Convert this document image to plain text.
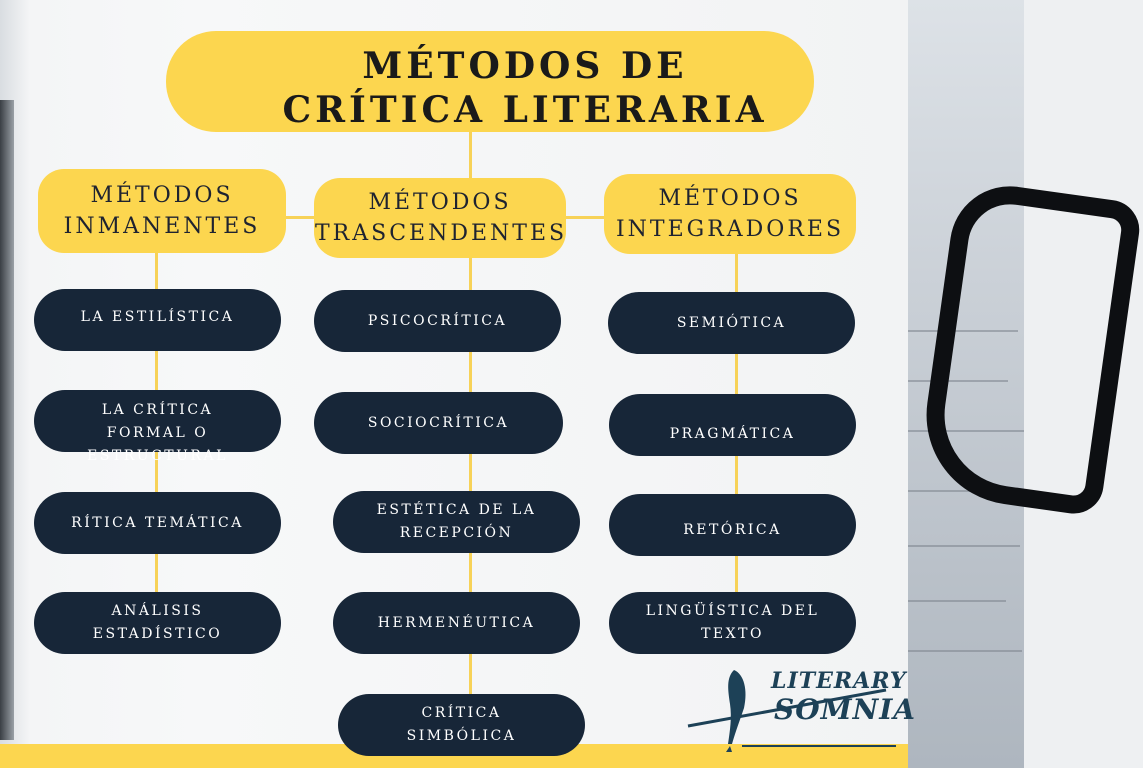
MÉTODOS DE CRÍTICA LITERARIA
MÉTODOS INMANENTES
MÉTODOS TRASCENDENTES
MÉTODOS INTEGRADORES
LA ESTILÍSTICA
LA CRÍTICA FORMAL O ESTRUCTURAL
RÍTICA TEMÁTICA
ANÁLISIS ESTADÍSTICO
PSICOCRÍTICA
SOCIOCRÍTICA
ESTÉTICA DE LA RECEPCIÓN
HERMENÉUTICA
CRÍTICA SIMBÓLICA
SEMIÓTICA
PRAGMÁTICA
RETÓRICA
LINGÜÍSTICA DEL TEXTO
LITERARY
SOMNIA
